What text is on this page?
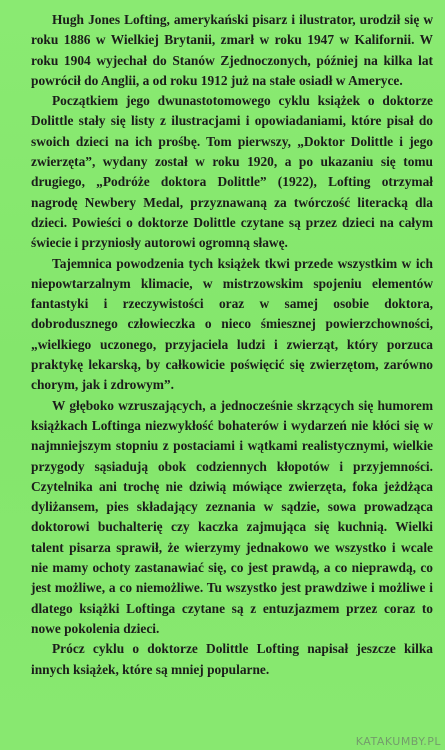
Hugh Jones Lofting, amerykański pisarz i ilustrator, urodził się w roku 1886 w Wielkiej Brytanii, zmarł w roku 1947 w Kalifornii. W roku 1904 wyjechał do Stanów Zjednoczonych, później na kilka lat powrócił do Anglii, a od roku 1912 już na stałe osiadł w Ameryce.

Początkiem jego dwunastotomowego cyklu książek o doktorze Dolittle stały się listy z ilustracjami i opowiadaniami, które pisał do swoich dzieci na ich prośbę. Tom pierwszy, „Doktor Dolittle i jego zwierzęta”, wydany został w roku 1920, a po ukazaniu się tomu drugiego, „Podróże doktora Dolittle” (1922), Lofting otrzymał nagrodę Newbery Medal, przyznawaną za twórczość literacką dla dzieci. Powieści o doktorze Dolittle czytane są przez dzieci na całym świecie i przyniosły autorowi ogromną sławę.

Tajemnica powodzenia tych książek tkwi przede wszystkim w ich niepowtarzalnym klimacie, w mistrzowskim spojeniu elementów fantastyki i rzeczywistości oraz w samej osobie doktora, dobrodusznego człowieczka o nieco śmiesznej powierzchowności, „wielkiego uczonego, przyjaciela ludzi i zwierząt, który porzuca praktykę lekarską, by całkowicie poświęcić się zwierzętom, zarówno chorym, jak i zdrowym”.

W głęboko wzruszających, a jednocześnie skrzących się humorem książkach Loftinga niezwykłość bohaterów i wydarzeń nie kłóci się w najmniejszym stopniu z postaciami i wątkami realistycznymi, wielkie przygody sąsiadują obok codziennych kłopotów i przyjemności. Czytelnika ani trochę nie dziwią mówiące zwierzęta, foka jeżdżąca dyliżansem, pies składający zeznania w sądzie, sowa prowadząca doktorowi buchalterię czy kaczka zajmująca się kuchnią. Wielki talent pisarza sprawił, że wierzymy jednakowo we wszystko i wcale nie mamy ochoty zastanawiać się, co jest prawdą, a co nieprawdą, co jest możliwe, a co niemożliwe. Tu wszystko jest prawdziwe i możliwe i dlatego książki Loftinga czytane są z entuzjazmem przez coraz to nowe pokolenia dzieci.

Prócz cyklu o doktorze Dolittle Lofting napisał jeszcze kilka innych książek, które są mniej popularne.

KATAKUMBY.PL
